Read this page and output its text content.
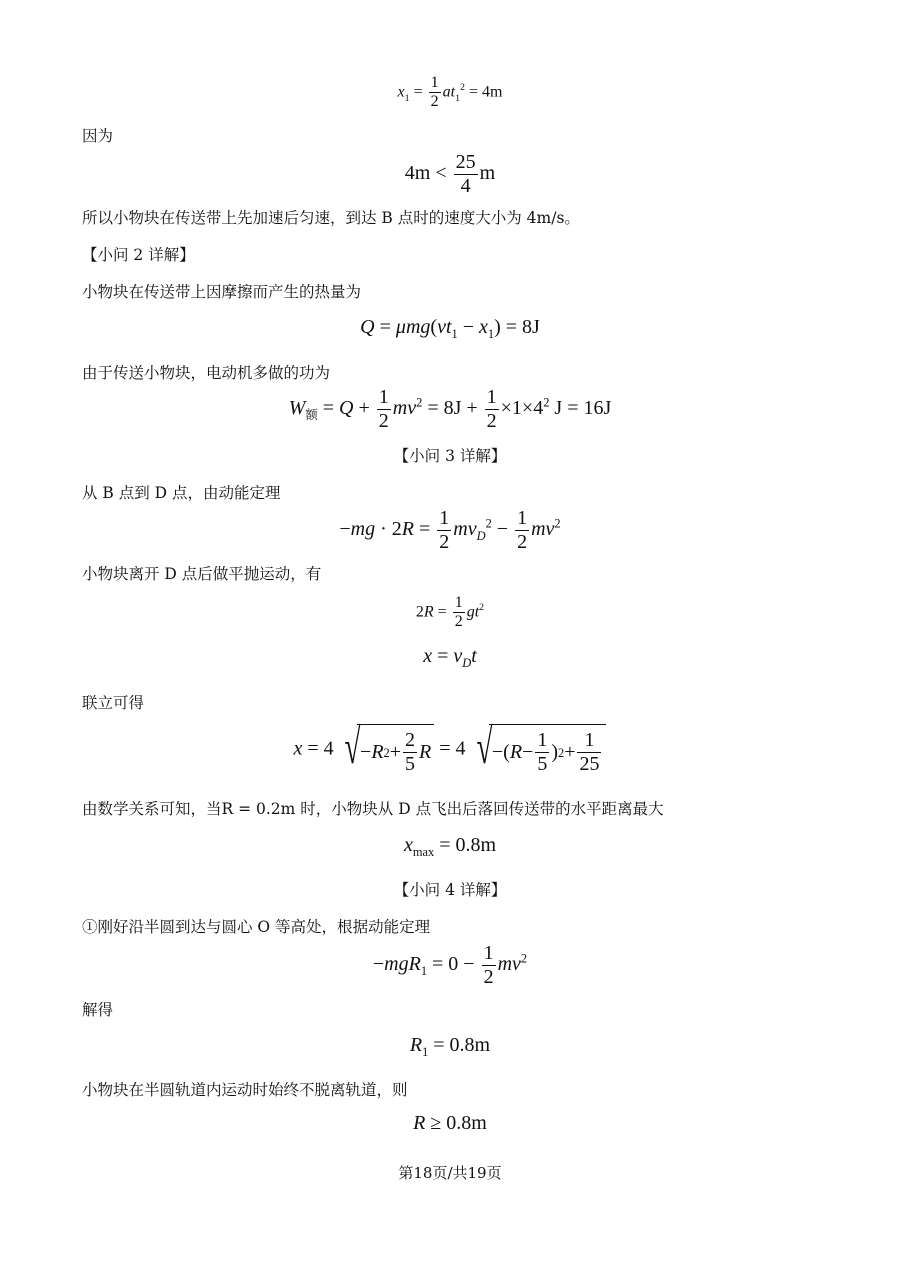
$x_1 = \frac{1}{2} at_1^2 = 4m$
因为
$4m < \frac{25}{4}$ m
所以小物块在传送带上先加速后匀速，到达 B 点时的速度大小为 4m/s。
【小问 2 详解】
小物块在传送带上因摩擦而产生的热量为
$Q = \mu mg(vt_1 - x_1) = 8J$
由于传送小物块，电动机多做的功为
$W_额 = Q + \frac{1}{2} mv^2 = 8J + \frac{1}{2} \times 1\times 4^2$ J = 16J
【小问 3 详解】
从 B 点到 D 点，由动能定理
$-mg \cdot 2R = \frac{1}{2} mv_D^2 - \frac{1}{2} mv^2$
小物块离开 D 点后做平抛运动，有
$2R = \frac{1}{2} gt^2$
$x = v_Dt$
联立可得
x = 4 √ − R $2 + \frac{2}{5}$ R = 4 √ −( $R - \frac{1}{5}$ ) $2 + \frac{1}{25}$
由数学关系可知，当R = 0.2m 时，小物块从 D 点飞出后落回传送带的水平距离最大
$x_{max} = 0.8m$
【小问 4 详解】
①刚好沿半圆到达与圆心 O 等高处，根据动能定理
$-mgR_1 = 0 - \frac{1}{2} mv^2$
解得
$R_1 = 0.8m$
小物块在半圆轨道内运动时始终不脱离轨道，则
R ≥ 0.8m
第18页/共19页
